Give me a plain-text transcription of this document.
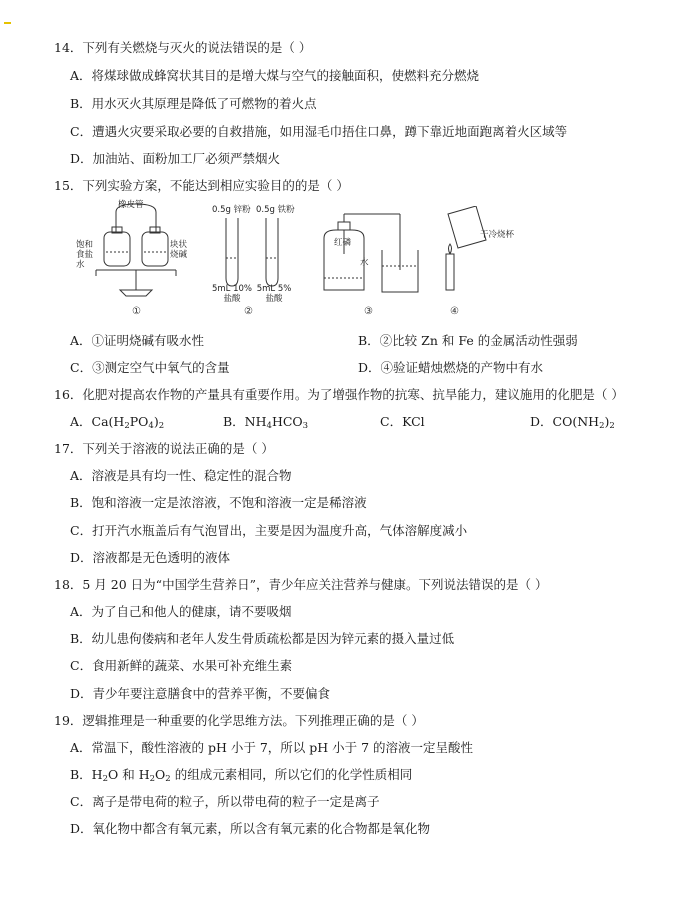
14．下列有关燃烧与灭火的说法错误的是（ ）
A．将煤球做成蜂窝状其目的是增大煤与空气的接触面积，使燃料充分燃烧
B．用水灭火其原理是降低了可燃物的着火点
C．遭遇火灾要采取必要的自救措施，如用湿毛巾捂住口鼻，蹲下靠近地面跑离着火区域等
D．加油站、面粉加工厂必须严禁烟火
15．下列实验方案，不能达到相应实验目的的是（ ）
橡皮管
饱和食盐水
块状烧碱
①
0.5g 锌粉 0.5g 铁粉
5mL 10%盐酸
5mL 5%盐酸
②
红磷
水
③
干冷烧杯
④
A．①证明烧碱有吸水性	B．②比较 Zn 和 Fe 的金属活动性强弱
C．③测定空气中氧气的含量	D．④验证蜡烛燃烧的产物中有水
16．化肥对提高农作物的产量具有重要作用。为了增强作物的抗寒、抗旱能力，建议施用的化肥是（ ）
A．$Ca(H_2PO_4)_2$	B．$NH_4HCO_3$	C．KCl	D．$CO(NH_2)_2$
17．下列关于溶液的说法正确的是（ ）
A．溶液是具有均一性、稳定性的混合物
B．饱和溶液一定是浓溶液，不饱和溶液一定是稀溶液
C．打开汽水瓶盖后有气泡冒出，主要是因为温度升高，气体溶解度减小
D．溶液都是无色透明的液体
18．5 月 20 日为“中国学生营养日”，青少年应关注营养与健康。下列说法错误的是（ ）
A．为了自己和他人的健康，请不要吸烟
B．幼儿患佝偻病和老年人发生骨质疏松都是因为锌元素的摄入量过低
C．食用新鲜的蔬菜、水果可补充维生素
D．青少年要注意膳食中的营养平衡，不要偏食
19．逻辑推理是一种重要的化学思维方法。下列推理正确的是（ ）
A．常温下，酸性溶液的 pH 小于 7，所以 pH 小于 7 的溶液一定呈酸性
B．$H_2O$ 和 $H_2O_2$ 的组成元素相同，所以它们的化学性质相同
C．离子是带电荷的粒子，所以带电荷的粒子一定是离子
D．氧化物中都含有氧元素，所以含有氧元素的化合物都是氧化物
